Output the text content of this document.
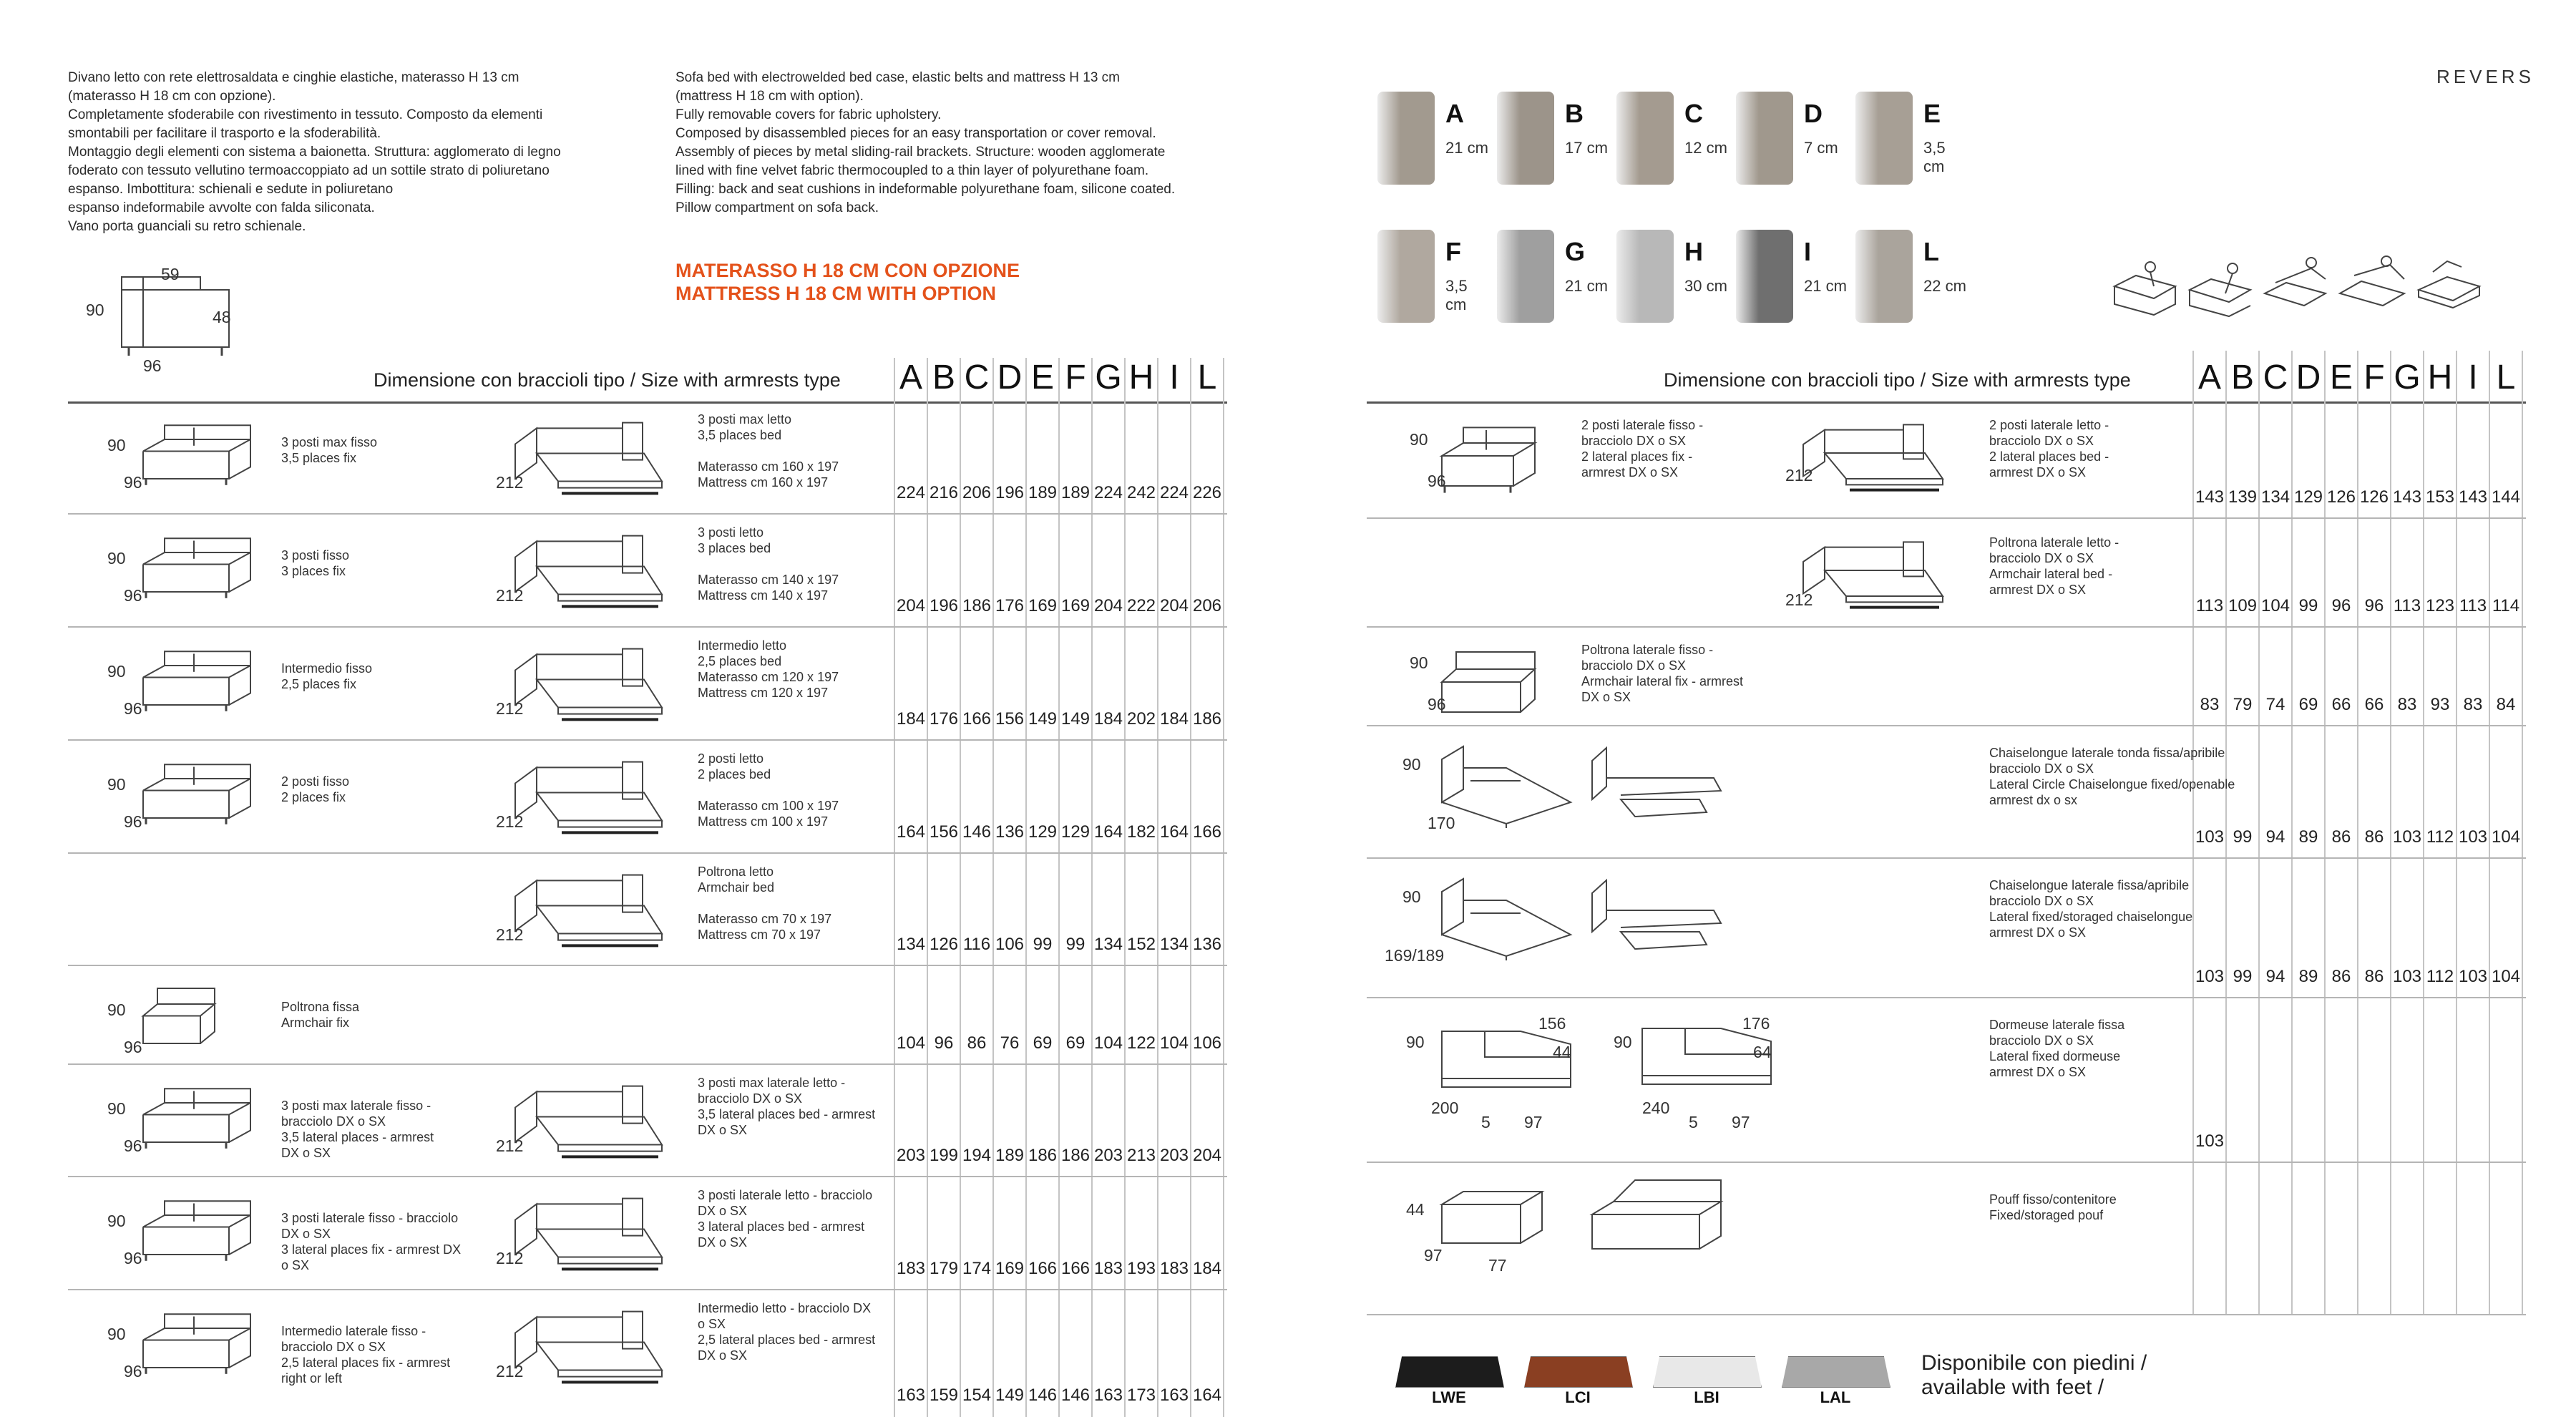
Divano letto con rete elettrosaldata e cinghie elastiche, materasso H 13 cm
(materasso H 18 cm con opzione).
Completamente sfoderabile con rivestimento in tessuto. Composto da elementi
smontabili per facilitare il trasporto e la sfoderabilità.
Montaggio degli elementi con sistema a baionetta. Struttura: agglomerato di legno
foderato con tessuto vellutino termoaccoppiato ad un sottile strato di poliuretano
espanso. Imbottitura: schienali e sedute in poliuretano
espanso indeformabile avvolte con falda siliconata.
Vano porta guanciali su retro schienale.
Sofa bed with electrowelded bed case, elastic belts and mattress H 13 cm
(mattress H 18 cm with option).
Fully removable covers for fabric upholstery.
Composed by disassembled pieces for an easy transportation or cover removal.
Assembly of pieces by metal sliding-rail brackets. Structure: wooden agglomerate
lined with fine velvet fabric thermocoupled to a thin layer of polyurethane foam.
Filling: back and seat cushions in indeformable polyurethane foam, silicone coated.
Pillow compartment on sofa back.
MATERASSO H 18 CM CON OPZIONE
MATTRESS H 18 CM WITH OPTION
59
90	48
96
Dimensione con braccioli tipo / Size with armrests type A B C D E F G H I L
90
96
3 posti max fisso
3,5 places fix
212
3 posti max letto
3,5 places bed

Materasso cm 160 x 197
Mattress cm 160 x 197
224 216 206 196 189 189 224 242 224 226
90
96
3 posti fisso
3 places fix
212
3 posti letto
3 places bed

Materasso cm 140 x 197
Mattress cm 140 x 197
204 196 186 176 169 169 204 222 204 206
90
96
Intermedio fisso
2,5 places fix
212
Intermedio letto
2,5 places bed
Materasso cm 120 x 197
Mattress cm 120 x 197
184 176 166 156 149 149 184 202 184 186
90
96
2 posti fisso
2 places fix
212
2 posti letto
2 places bed

Materasso cm 100 x 197
Mattress cm 100 x 197
164 156 146 136 129 129 164 182 164 166
212
Poltrona letto
Armchair bed

Materasso cm 70 x 197
Mattress cm 70 x 197	134 126 116 106 99 99 134 152 134 136
90
96
Poltrona fissa
Armchair fix
104 96 86 76 69 69 104 122 104 106
90
96
3 posti max laterale fisso -
bracciolo DX o SX
3,5 lateral places - armrest
DX o SX	212
3 posti max laterale letto -
bracciolo DX o SX
3,5 lateral places bed - armrest
DX o SX
203 199 194 189 186 186 203 213 203 204
90
96
3 posti laterale fisso - bracciolo
DX o SX
3 lateral places fix - armrest DX
o SX	212
3 posti laterale letto - bracciolo
DX o SX
3 lateral places bed - armrest
DX o SX
183 179 174 169 166 166 183 193 183 184
90
96
Intermedio laterale fisso -
bracciolo DX o SX
2,5 lateral places fix - armrest
right or left	212
Intermedio letto - bracciolo DX
o SX
2,5 lateral places bed - armrest
DX o SX
163 159 154 149 146 146 163 173 163 164
REVERS
A
21 cm
B
17 cm
C
12 cm
D
7 cm
E
3,5
cm
F
3,5
cm
G
21 cm
H
30 cm
I
21 cm
L
22 cm
Dimensione con braccioli tipo / Size with armrests type A B C D E F G H I L
90
96	212
2 posti laterale fisso -
bracciolo DX o SX
2 lateral places fix -
armrest DX o SX
2 posti laterale letto -
bracciolo DX o SX
2 lateral places bed -
armrest DX o SX
143 139 134 129 126 126 143 153 143 144
212
Poltrona laterale letto -
bracciolo DX o SX
Armchair lateral bed -
armrest DX o SX
113 109 104 99 96 96 113 123 113 114
90
96
Poltrona laterale fisso -
bracciolo DX o SX
Armchair lateral fix - armrest
DX o SX	83 79 74 69 66 66 83 93 83 84
90
170
Chaiselongue laterale tonda fissa/apribile
bracciolo DX o SX
Lateral Circle Chaiselongue fixed/openable
armrest dx o sx
103 99 94 89 86 86 103 112 103 104
90
169/189
Chaiselongue laterale fissa/apribile
bracciolo DX o SX
Lateral fixed/storaged chaiselongue
armrest DX o SX
103 99 94 89 86 86 103 112 103 104
90
156
44
200
5 97
90
176
64
240
5 97
Dormeuse laterale fissa
bracciolo DX o SX
Lateral fixed dormeuse
armrest DX o SX
103
44
97
77
Pouff fisso/contenitore
Fixed/storaged pouf
LWE	LCI	LBI	LAL
Disponibile con piedini /
available with feet /
